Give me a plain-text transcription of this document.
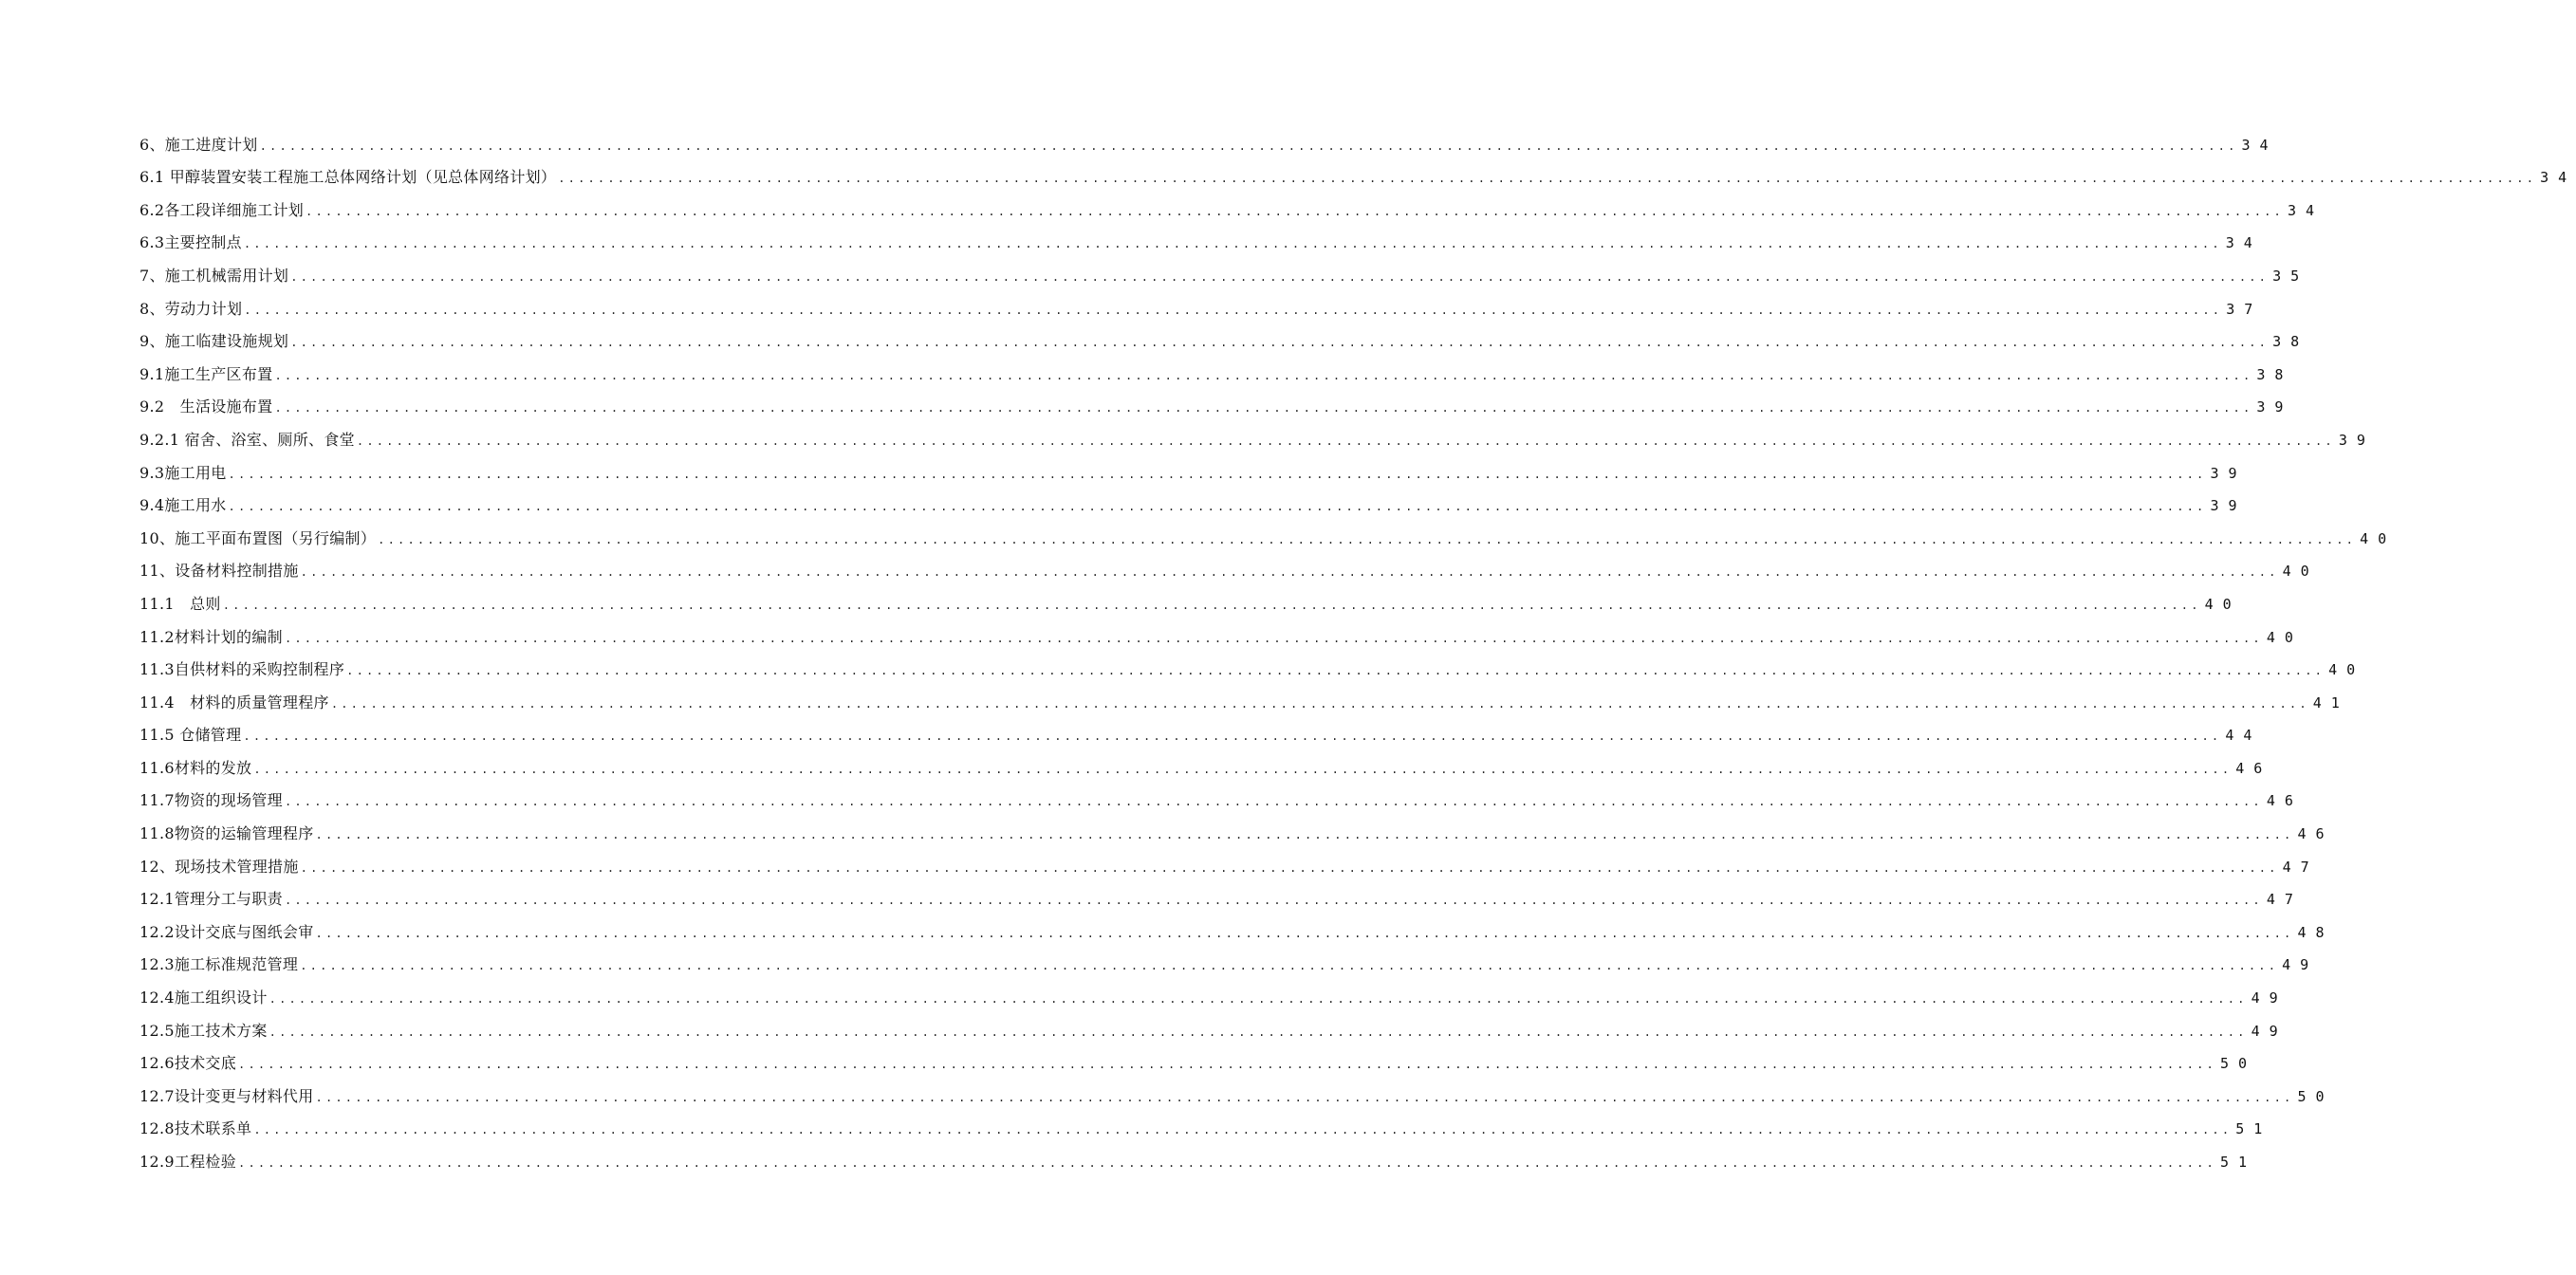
6、施工进度计划 ........................................................................................................................................................................................................ 34
6.1 甲醇装置安装工程施工总体网络计划（见总体网络计划） ........................................................................................................................................................................................................ 34
6.2各工段详细施工计划 ........................................................................................................................................................................................................ 34
6.3主要控制点 ........................................................................................................................................................................................................ 34
7、施工机械需用计划 ........................................................................................................................................................................................................ 35
8、劳动力计划 ........................................................................................................................................................................................................ 37
9、施工临建设施规划 ........................................................................................................................................................................................................ 38
9.1施工生产区布置 ........................................................................................................................................................................................................ 38
9.2　生活设施布置 ........................................................................................................................................................................................................ 39
9.2.1 宿舍、浴室、厕所、食堂 ........................................................................................................................................................................................................ 39
9.3施工用电 ........................................................................................................................................................................................................ 39
9.4施工用水 ........................................................................................................................................................................................................ 39
10、施工平面布置图（另行编制） ........................................................................................................................................................................................................ 40
11、设备材料控制措施 ........................................................................................................................................................................................................ 40
11.1　总则 ........................................................................................................................................................................................................ 40
11.2材料计划的编制 ........................................................................................................................................................................................................ 40
11.3自供材料的采购控制程序 ........................................................................................................................................................................................................ 40
11.4　材料的质量管理程序 ........................................................................................................................................................................................................ 41
11.5 仓储管理 ........................................................................................................................................................................................................ 44
11.6材料的发放 ........................................................................................................................................................................................................ 46
11.7物资的现场管理 ........................................................................................................................................................................................................ 46
11.8物资的运输管理程序 ........................................................................................................................................................................................................ 46
12、现场技术管理措施 ........................................................................................................................................................................................................ 47
12.1管理分工与职责 ........................................................................................................................................................................................................ 47
12.2设计交底与图纸会审 ........................................................................................................................................................................................................ 48
12.3施工标准规范管理 ........................................................................................................................................................................................................ 49
12.4施工组织设计 ........................................................................................................................................................................................................ 49
12.5施工技术方案 ........................................................................................................................................................................................................ 49
12.6技术交底 ........................................................................................................................................................................................................ 50
12.7设计变更与材料代用 ........................................................................................................................................................................................................ 50
12.8技术联系单 ........................................................................................................................................................................................................ 51
12.9工程检验 ........................................................................................................................................................................................................ 51
